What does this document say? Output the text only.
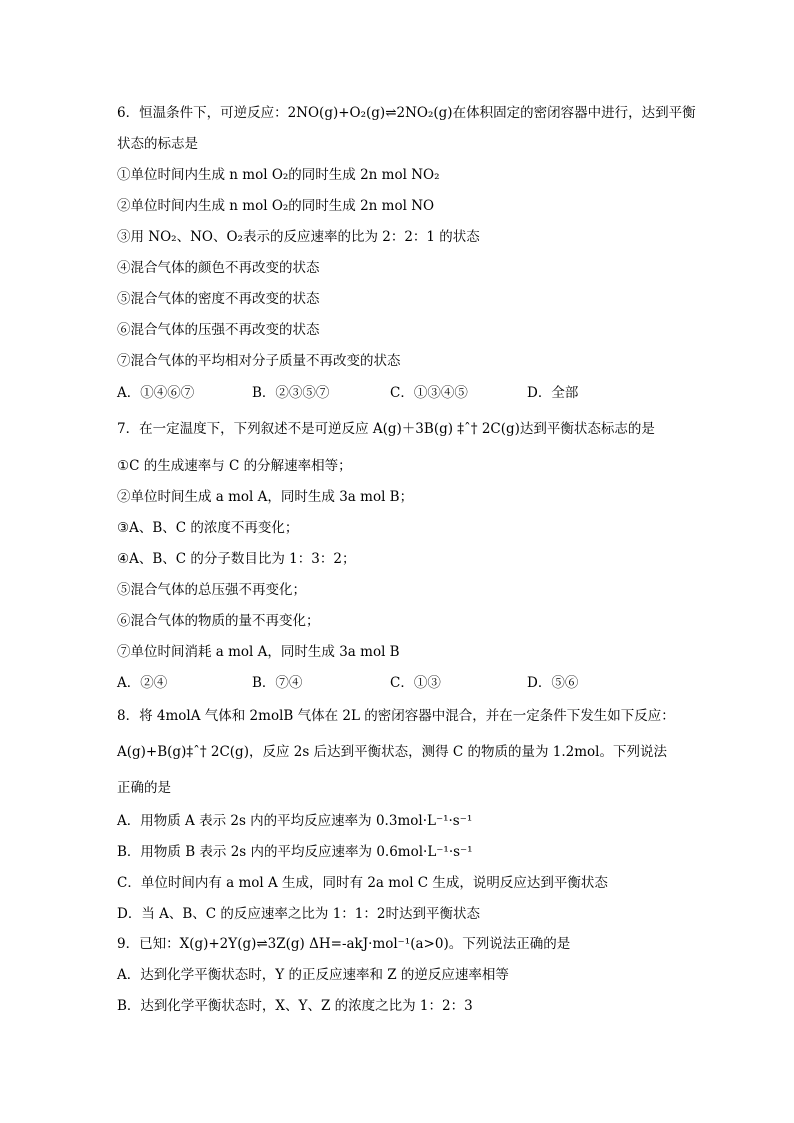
6．恒温条件下，可逆反应：2NO(g)+O₂(g)⇌2NO₂(g)在体积固定的密闭容器中进行，达到平衡
状态的标志是
①单位时间内生成 n mol O₂的同时生成 2n mol NO₂
②单位时间内生成 n mol O₂的同时生成 2n mol NO
③用 NO₂、NO、O₂表示的反应速率的比为 2：2：1 的状态
④混合气体的颜色不再改变的状态
⑤混合气体的密度不再改变的状态
⑥混合气体的压强不再改变的状态
⑦混合气体的平均相对分子质量不再改变的状态
A．①④⑥⑦	B．②③⑤⑦	C．①③④⑤	D．全部
7．在一定温度下，下列叙述不是可逆反应 A(g)＋3B(g) ‡ˆ† 2C(g)达到平衡状态标志的是
①C 的生成速率与 C 的分解速率相等；
②单位时间生成 a mol A，同时生成 3a mol B；
③A、B、C 的浓度不再变化；
④A、B、C 的分子数目比为 1：3：2；
⑤混合气体的总压强不再变化；
⑥混合气体的物质的量不再变化；
⑦单位时间消耗 a mol A，同时生成 3a mol B
A．②④	B．⑦④	C．①③	D．⑤⑥
8．将 4molA 气体和 2molB 气体在 2L 的密闭容器中混合，并在一定条件下发生如下反应：
A(g)+B(g)‡ˆ† 2C(g)，反应 2s 后达到平衡状态，测得 C 的物质的量为 1.2mol。下列说法
正确的是
A．用物质 A 表示 2s 内的平均反应速率为 0.3mol·L⁻¹·s⁻¹
B．用物质 B 表示 2s 内的平均反应速率为 0.6mol·L⁻¹·s⁻¹
C．单位时间内有 a mol A 生成，同时有 2a mol C 生成，说明反应达到平衡状态
D．当 A、B、C 的反应速率之比为 1：1：2时达到平衡状态
9．已知：X(g)+2Y(g)⇌3Z(g) ΔH=-akJ·mol⁻¹(a>0)。下列说法正确的是
A．达到化学平衡状态时，Y 的正反应速率和 Z 的逆反应速率相等
B．达到化学平衡状态时，X、Y、Z 的浓度之比为 1：2：3
